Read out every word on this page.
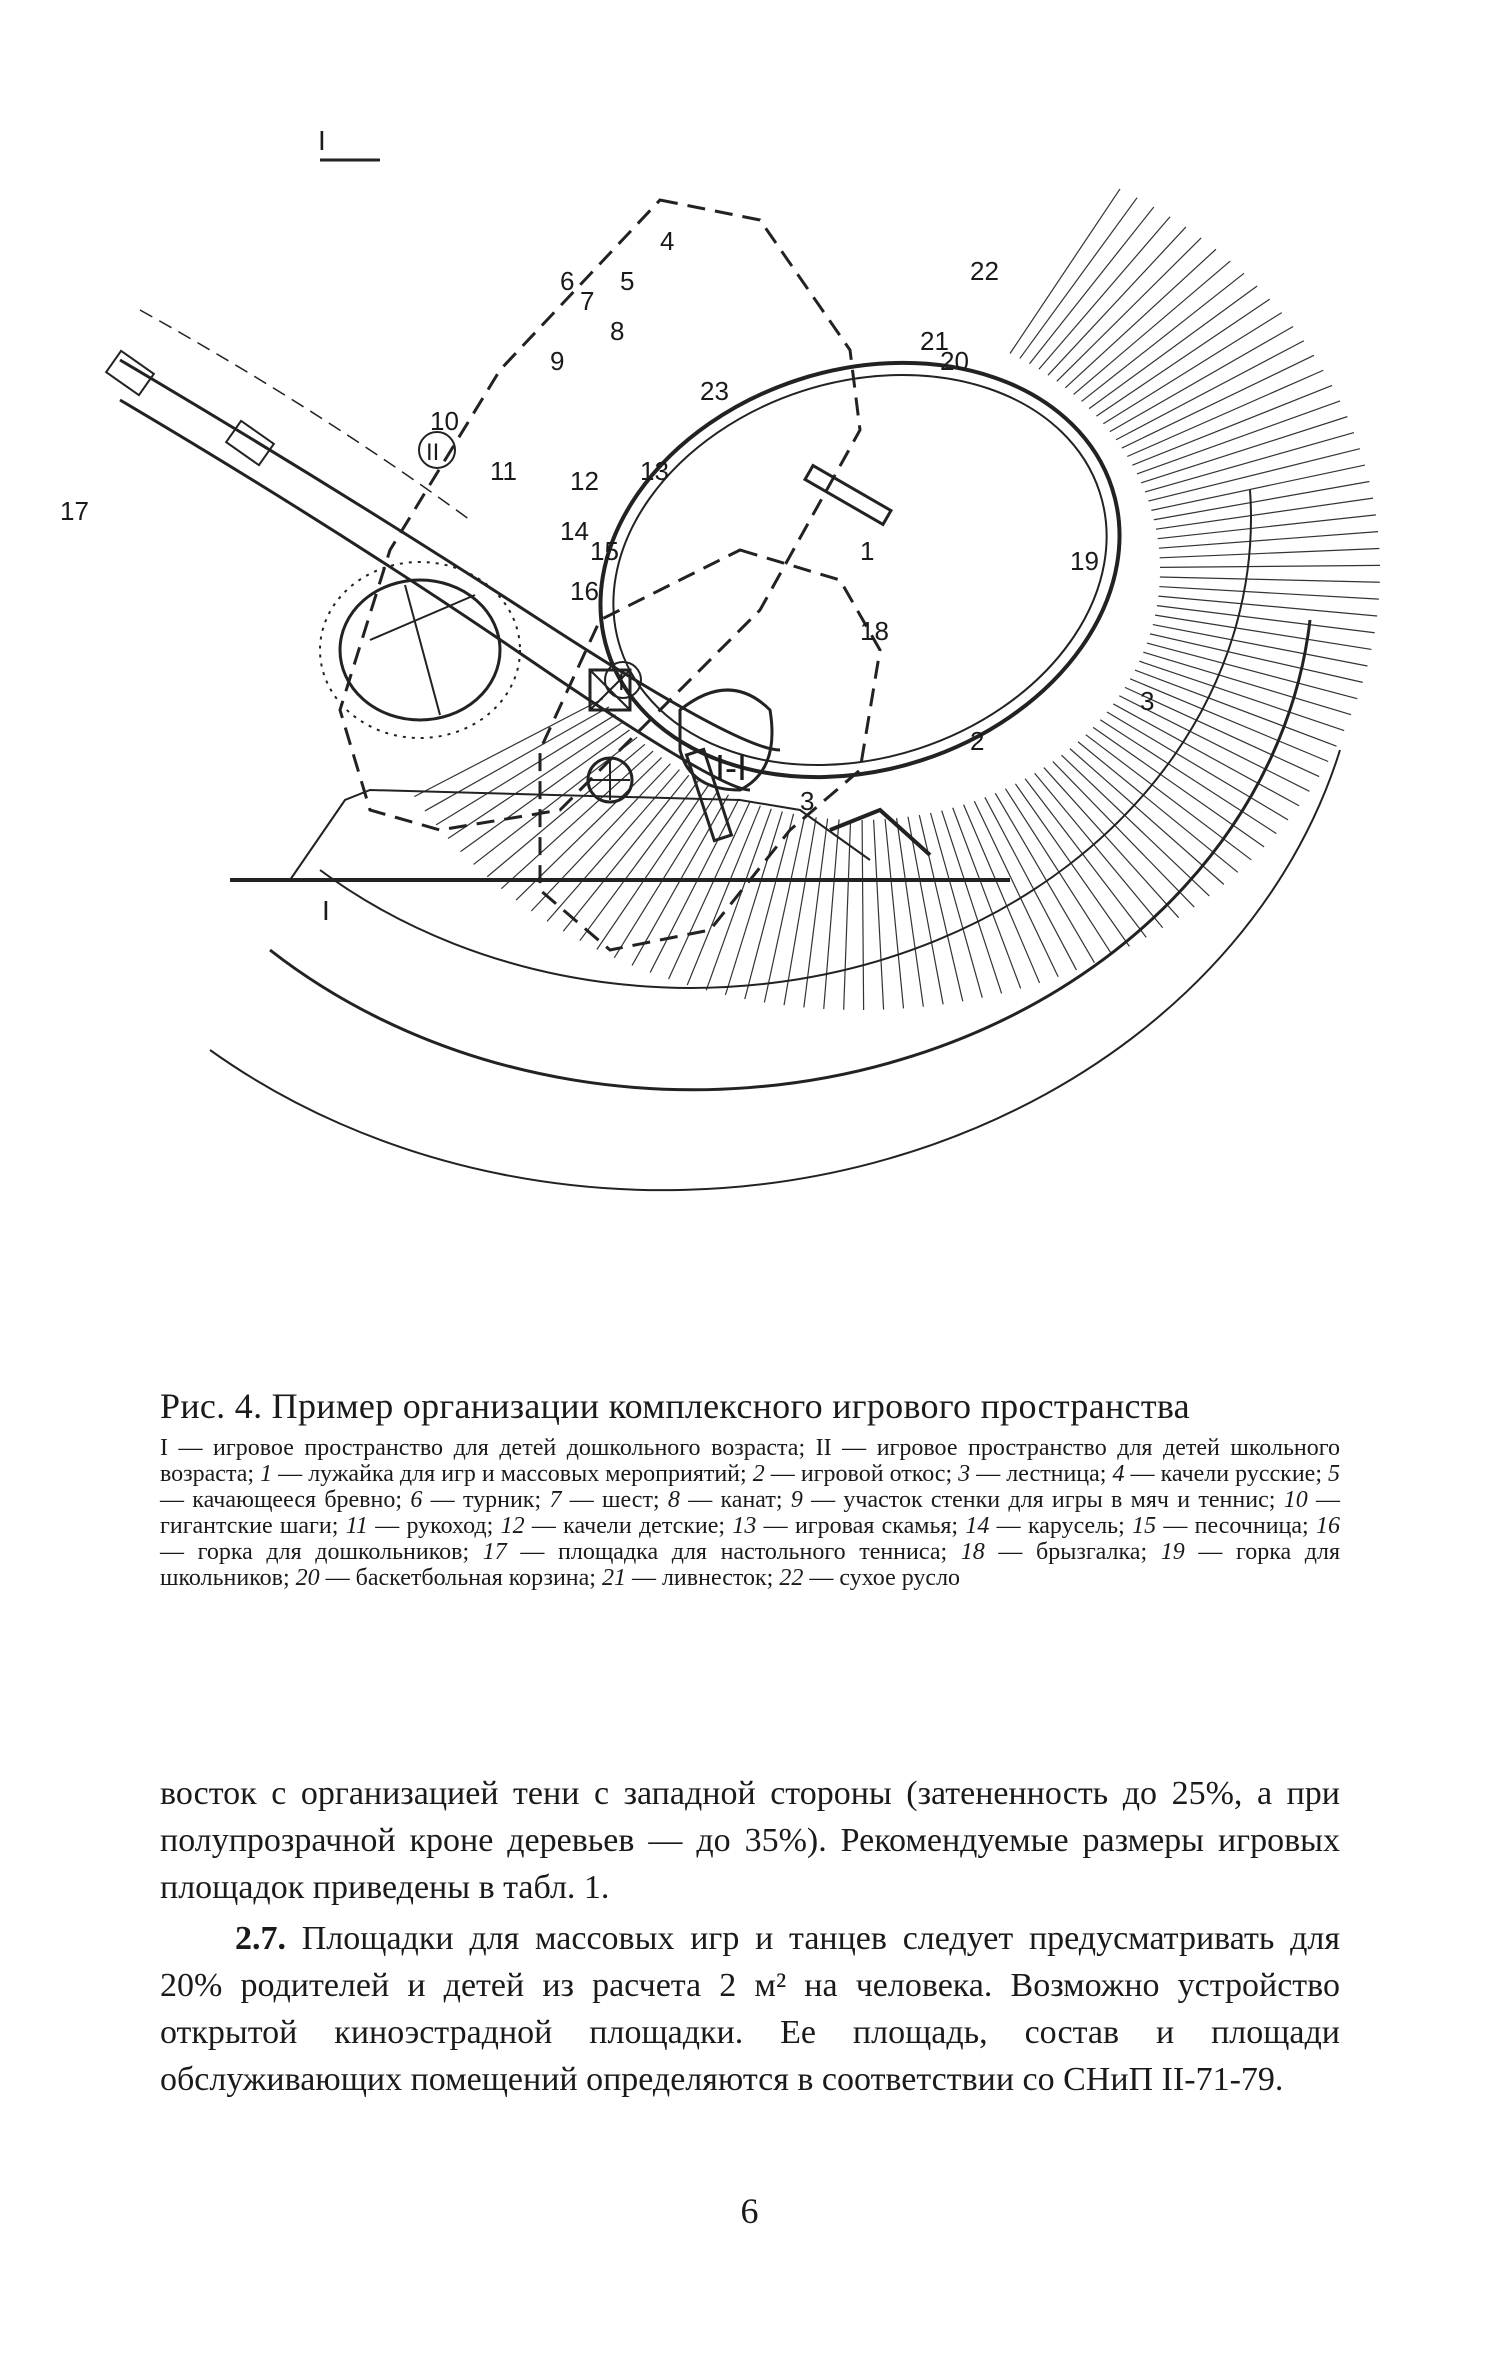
I
I
II
I
1
2
3
3
4
5
6
7
8
9
10
11 12 13
14
15
16
17
18
19
20
21
22
23
I-I
Рис. 4. Пример организации комплексного игрового пространства
I — игровое пространство для детей дошкольного возраста; II — игровое пространство для детей школьного возраста; 1 — лужайка для игр и массовых мероприятий; 2 — игровой откос; 3 — лестница; 4 — качели русские; 5 — качающееся бревно; 6 — турник; 7 — шест; 8 — канат; 9 — участок стенки для игры в мяч и теннис; 10 — гигантские шаги; 11 — рукоход; 12 — качели детские; 13 — игровая скамья; 14 — карусель; 15 — песочница; 16 — горка для дошкольников; 17 — площадка для настольного тенниса; 18 — брызгалка; 19 — горка для школьников; 20 — баскетбольная корзина; 21 — ливнесток; 22 — сухое русло

восток с организацией тени с западной стороны (затененность до 25%, а при полупрозрачной кроне деревьев — до 35%). Рекомендуемые размеры игровых площадок приведены в табл. 1.

2.7. Площадки для массовых игр и танцев следует предусматривать для 20% родителей и детей из расчета 2 м² на человека. Возможно устройство открытой киноэстрадной площадки. Ее площадь, состав и площади обслуживающих помещений определяются в соответствии со СНиП II-71-79.

6
